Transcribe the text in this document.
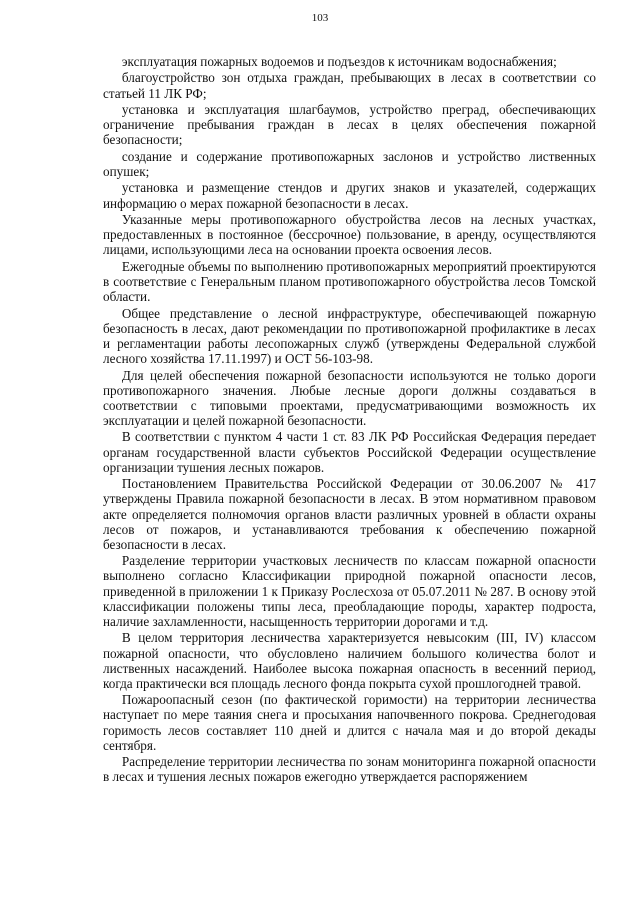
103

эксплуатация пожарных водоемов и подъездов к источникам водоснабжения;

благоустройство зон отдыха граждан, пребывающих в лесах в соответствии со статьей 11 ЛК РФ;

установка и эксплуатация шлагбаумов, устройство преград, обеспечивающих ограничение пребывания граждан в лесах в целях обеспечения пожарной безопасности;

создание и содержание противопожарных заслонов и устройство лиственных опушек;

установка и размещение стендов и других знаков и указателей, содержащих информацию о мерах пожарной безопасности в лесах.

Указанные меры противопожарного обустройства лесов на лесных участках, предоставленных в постоянное (бессрочное) пользование, в аренду, осуществляются лицами, использующими леса на основании проекта освоения лесов.

Ежегодные объемы по выполнению противопожарных мероприятий проектируются в соответствие с Генеральным планом противопожарного обустройства лесов Томской области.

Общее представление о лесной инфраструктуре, обеспечивающей пожарную безопасность в лесах, дают рекомендации по противопожарной профилактике в лесах и регламентации работы лесопожарных служб (утверждены Федеральной службой лесного хозяйства 17.11.1997) и ОСТ 56-103-98.

Для целей обеспечения пожарной безопасности используются не только дороги противопожарного значения. Любые лесные дороги должны создаваться в соответствии с типовыми проектами, предусматривающими возможность их эксплуатации и целей пожарной безопасности.

В соответствии с пунктом 4 части 1 ст. 83 ЛК РФ Российская Федерация передает органам государственной власти субъектов Российской Федерации осуществление организации тушения лесных пожаров.

Постановлением Правительства Российской Федерации от 30.06.2007 № 417 утверждены Правила пожарной безопасности в лесах. В этом нормативном правовом акте определяется полномочия органов власти различных уровней в области охраны лесов от пожаров, и устанавливаются требования к обеспечению пожарной безопасности в лесах.

Разделение территории участковых лесничеств по классам пожарной опасности выполнено согласно Классификации природной пожарной опасности лесов, приведенной в приложении 1 к Приказу Рослесхоза от 05.07.2011 № 287. В основу этой классификации положены типы леса, преобладающие породы, характер подроста, наличие захламленности, насыщенность территории дорогами и т.д.

В целом территория лесничества характеризуется невысоким (III, IV) классом пожарной опасности, что обусловлено наличием большого количества болот и лиственных насаждений. Наиболее высока пожарная опасность в весенний период, когда практически вся площадь лесного фонда покрыта сухой прошлогодней травой.

Пожароопасный сезон (по фактической горимости) на территории лесничества наступает по мере таяния снега и просыхания напочвенного покрова. Среднегодовая горимость лесов составляет 110 дней и длится с начала мая и до второй декады сентября.

Распределение территории лесничества по зонам мониторинга пожарной опасности в лесах и тушения лесных пожаров ежегодно утверждается распоряжением
